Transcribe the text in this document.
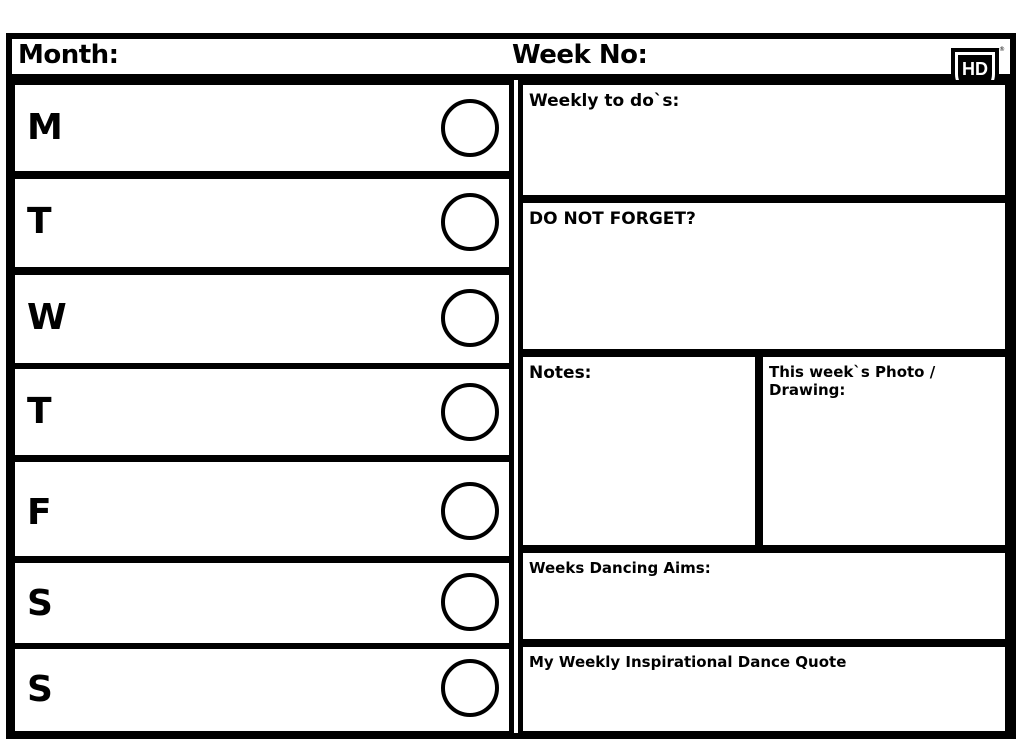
Month:	Week No:	HD
®
M
T
W
T
F
S
S
Weekly to do`s:
DO NOT FORGET?
Notes:	This week`s Photo / Drawing:
Weeks Dancing Aims:
My Weekly Inspirational Dance Quote
